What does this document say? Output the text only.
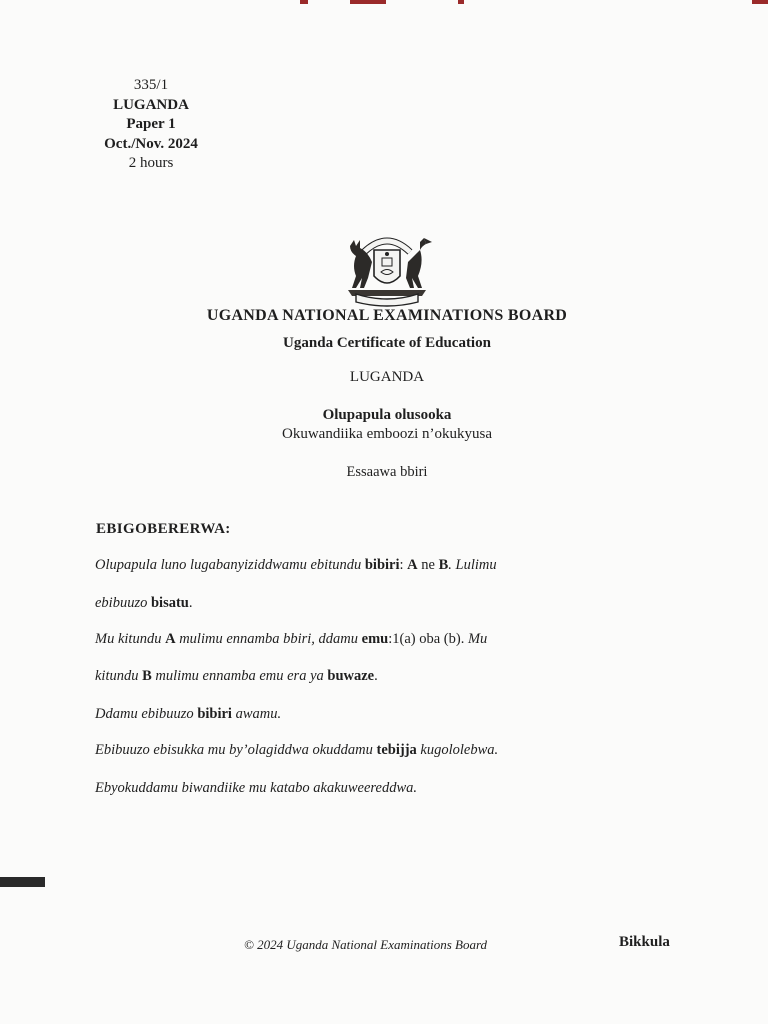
335/1
LUGANDA
Paper 1
Oct./Nov. 2024
2 hours
UGANDA NATIONAL EXAMINATIONS BOARD
Uganda Certificate of Education
LUGANDA
Olupapula olusooka
Okuwandiika emboozi n’okukyusa
Essaawa bbiri
EBIGOBERERWA:
Olupapula luno lugabanyiziddwamu ebitundu bibiri: A ne B. Lulimu
ebibuuzo bisatu.
Mu kitundu A mulimu ennamba bbiri, ddamu emu:1(a) oba (b). Mu
kitundu B mulimu ennamba emu era ya buwaze.
Ddamu ebibuuzo bibiri awamu.
Ebibuuzo ebisukka mu by’olagiddwa okuddamu tebijja kugololebwa.
Ebyokuddamu biwandiike mu katabo akakuweereddwa.
© 2024 Uganda National Examinations Board	Bikkula
